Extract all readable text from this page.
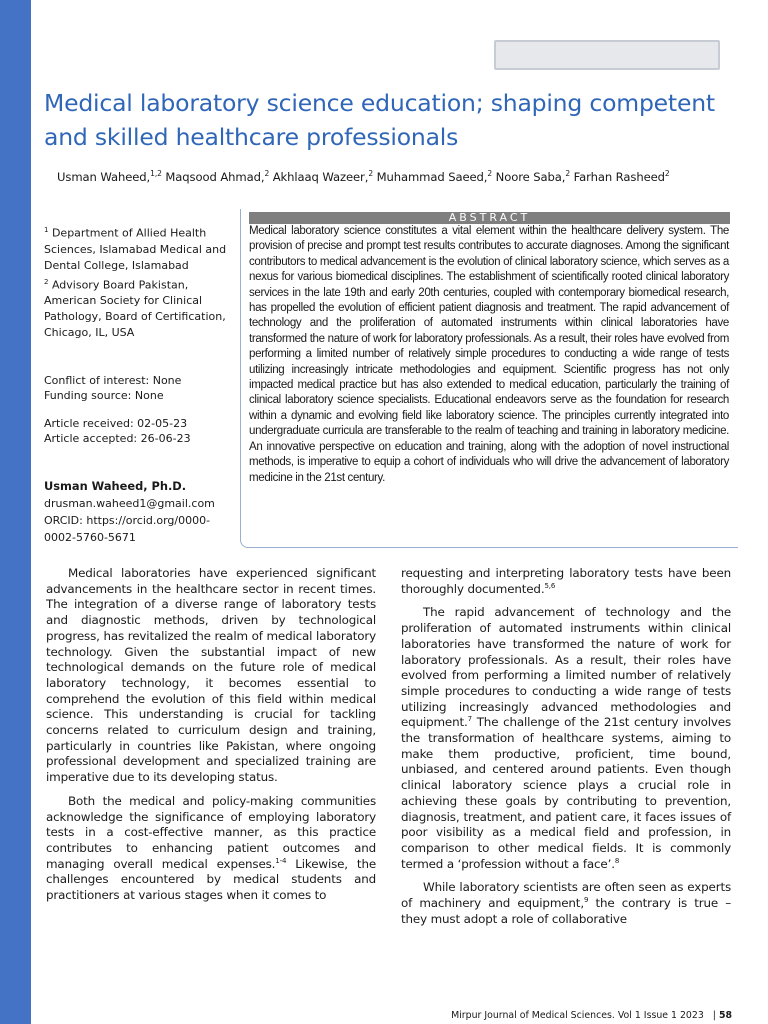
Medical laboratory science education; shaping competent and skilled healthcare professionals
Usman Waheed,$^{1,2}$ Maqsood Ahmad,$^2$ Akhlaaq Wazeer,$^2$ Muhammad Saeed,$^2$ Noore Saba,$^2$ Farhan Rasheed$^2$

$^1$ Department of Allied Health Sciences, Islamabad Medical and Dental College, Islamabad

$^2$ Advisory Board Pakistan, American Society for Clinical Pathology, Board of Certification, Chicago, IL, USA

Conflict of interest: None

Funding source: None

Article received: 02-05-23

Article accepted: 26-06-23

Usman Waheed, Ph.D.

drusman.waheed1@gmail.com

ORCID: https://orcid.org/0000-0002-5760-5671

ABSTRACT

Medical laboratory science constitutes a vital element within the healthcare delivery system. The provision of precise and prompt test results contributes to accurate diagnoses. Among the significant contributors to medical advancement is the evolution of clinical laboratory science, which serves as a nexus for various biomedical disciplines. The establishment of scientifically rooted clinical laboratory services in the late 19th and early 20th centuries, coupled with contemporary biomedical research, has propelled the evolution of efficient patient diagnosis and treatment. The rapid advancement of technology and the proliferation of automated instruments within clinical laboratories have transformed the nature of work for laboratory professionals. As a result, their roles have evolved from performing a limited number of relatively simple procedures to conducting a wide range of tests utilizing increasingly intricate methodologies and equipment. Scientific progress has not only impacted medical practice but has also extended to medical education, particularly the training of clinical laboratory science specialists. Educational endeavors serve as the foundation for research within a dynamic and evolving field like laboratory science. The principles currently integrated into undergraduate curricula are transferable to the realm of teaching and training in laboratory medicine. An innovative perspective on education and training, along with the adoption of novel instructional methods, is imperative to equip a cohort of individuals who will drive the advancement of laboratory medicine in the 21st century.

Medical laboratories have experienced significant advancements in the healthcare sector in recent times. The integration of a diverse range of laboratory tests and diagnostic methods, driven by technological progress, has revitalized the realm of medical laboratory technology. Given the substantial impact of new technological demands on the future role of medical laboratory technology, it becomes essential to comprehend the evolution of this field within medical science. This understanding is crucial for tackling concerns related to curriculum design and training, particularly in countries like Pakistan, where ongoing professional development and specialized training are imperative due to its developing status.

Both the medical and policy-making communities acknowledge the significance of employing laboratory tests in a cost-effective manner, as this practice contributes to enhancing patient outcomes and managing overall medical expenses.$^{1-4}$ Likewise, the challenges encountered by medical students and practitioners at various stages when it comes to

requesting and interpreting laboratory tests have been thoroughly documented.$^{5,6}$

The rapid advancement of technology and the proliferation of automated instruments within clinical laboratories have transformed the nature of work for laboratory professionals. As a result, their roles have evolved from performing a limited number of relatively simple procedures to conducting a wide range of tests utilizing increasingly advanced methodologies and equipment.$^7$ The challenge of the 21st century involves the transformation of healthcare systems, aiming to make them productive, proficient, time bound, unbiased, and centered around patients. Even though clinical laboratory science plays a crucial role in achieving these goals by contributing to prevention, diagnosis, treatment, and patient care, it faces issues of poor visibility as a medical field and profession, in comparison to other medical fields. It is commonly termed a ‘profession without a face’.$^8$

While laboratory scientists are often seen as experts of machinery and equipment,$^9$ the contrary is true – they must adopt a role of collaborative

Mirpur Journal of Medical Sciences. Vol 1 Issue 1 2023 | 58
